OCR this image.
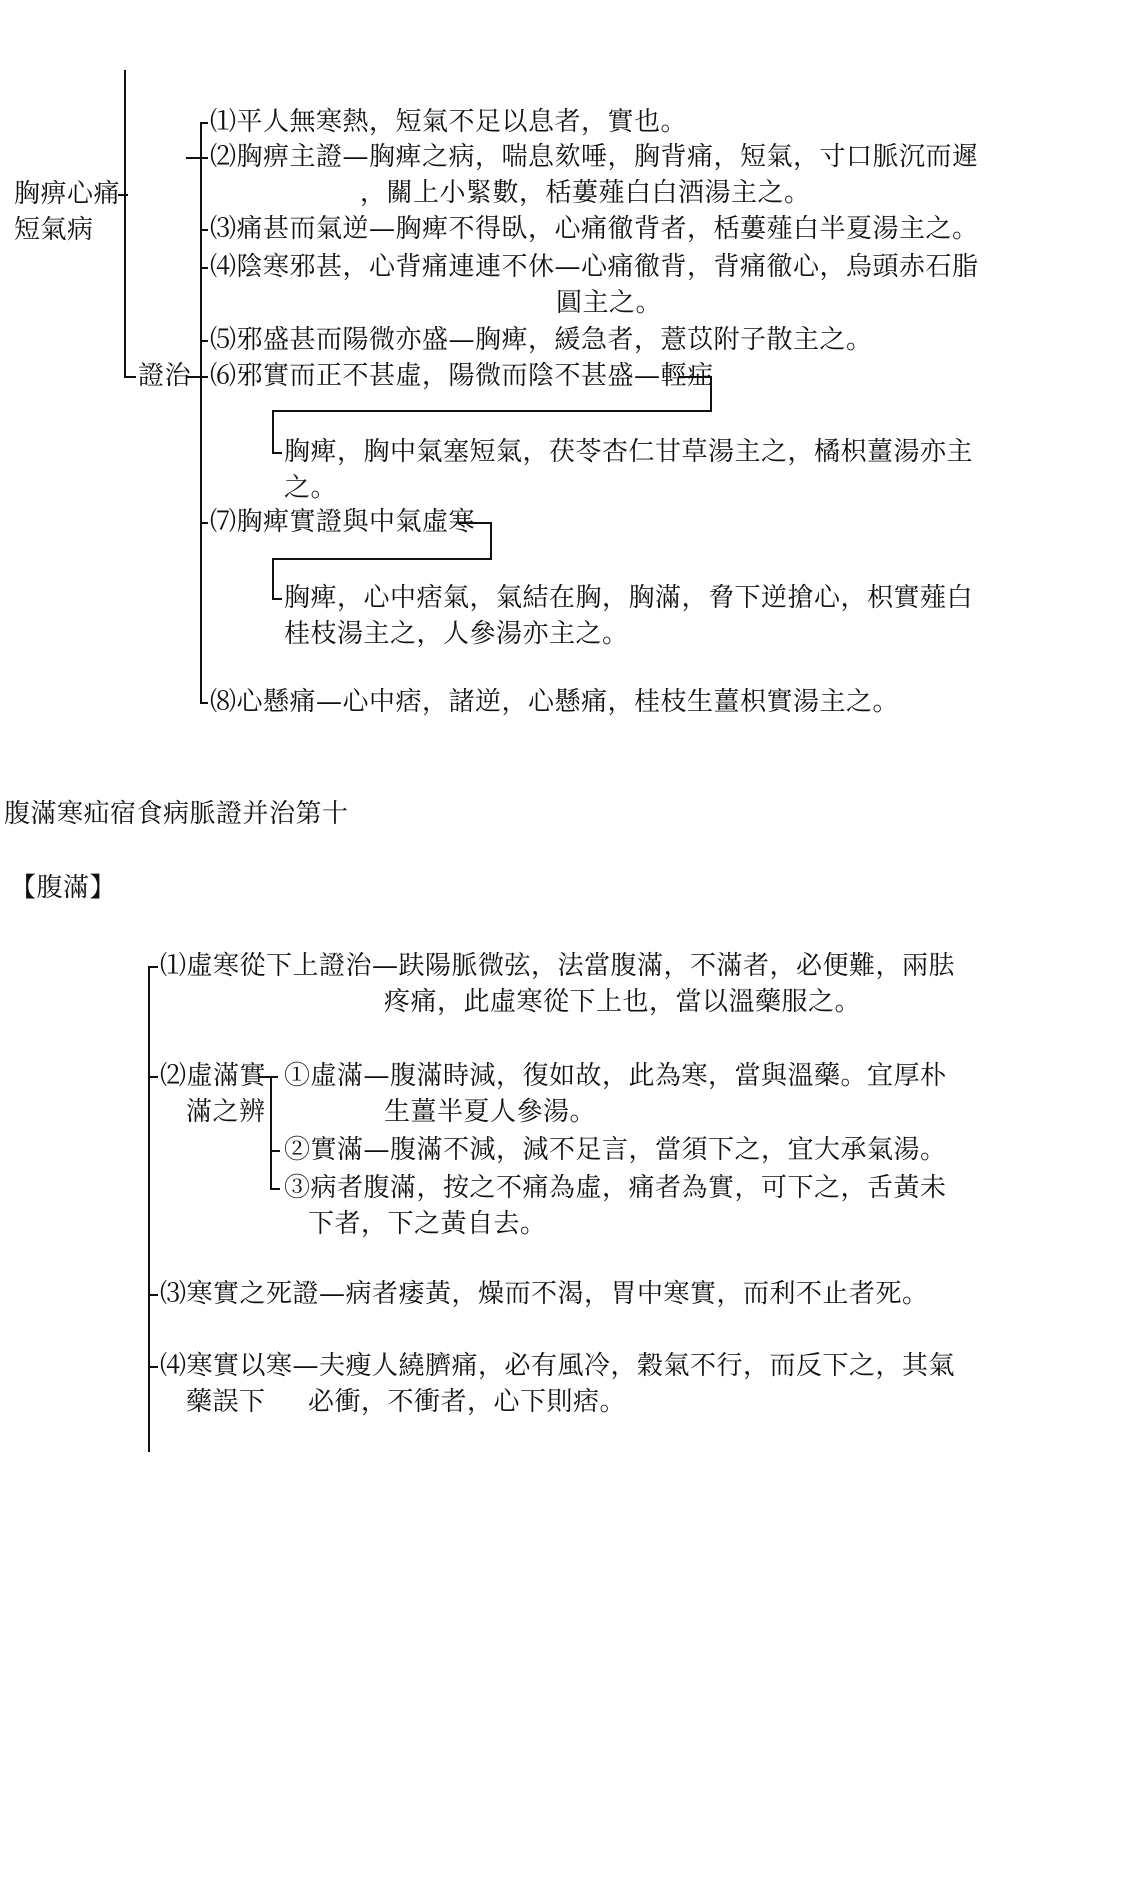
胸痹心痛
短氣病
證治
⑴平人無寒熱，短氣不足以息者，實也。
⑵胸痹主證—胸痺之病，喘息欬唾，胸背痛，短氣，寸口脈沉而遲
，關上小緊數，栝蔞薤白白酒湯主之。
⑶痛甚而氣逆—胸痺不得臥，心痛徹背者，栝蔞薤白半夏湯主之。
⑷陰寒邪甚，心背痛連連不休—心痛徹背，背痛徹心，烏頭赤石脂
圓主之。
⑸邪盛甚而陽微亦盛—胸痺，緩急者，薏苡附子散主之。
⑹邪實而正不甚虛，陽微而陰不甚盛—輕症
胸痺，胸中氣塞短氣，茯苓杏仁甘草湯主之，橘枳薑湯亦主
之。
⑺胸痺實證與中氣虛寒
胸痺，心中痞氣，氣結在胸，胸滿，脅下逆搶心，枳實薤白
桂枝湯主之，人參湯亦主之。
⑻心懸痛—心中痞，諸逆，心懸痛，桂枝生薑枳實湯主之。
腹滿寒疝宿食病脈證并治第十
【腹滿】
⑴虛寒從下上證治—趺陽脈微弦，法當腹滿，不滿者，必便難，兩胠
疼痛，此虛寒從下上也，當以溫藥服之。
⑵虛滿實
滿之辨
①虛滿—腹滿時減，復如故，此為寒，當與溫藥。宜厚朴
生薑半夏人參湯。
②實滿—腹滿不減，減不足言，當須下之，宜大承氣湯。
③病者腹滿，按之不痛為虛，痛者為實，可下之，舌黃未
下者，下之黃自去。
⑶寒實之死證—病者痿黃，燥而不渴，胃中寒實，而利不止者死。
⑷寒實以寒—夫瘦人繞臍痛，必有風冷，穀氣不行，而反下之，其氣
藥誤下 必衝，不衝者，心下則痞。
